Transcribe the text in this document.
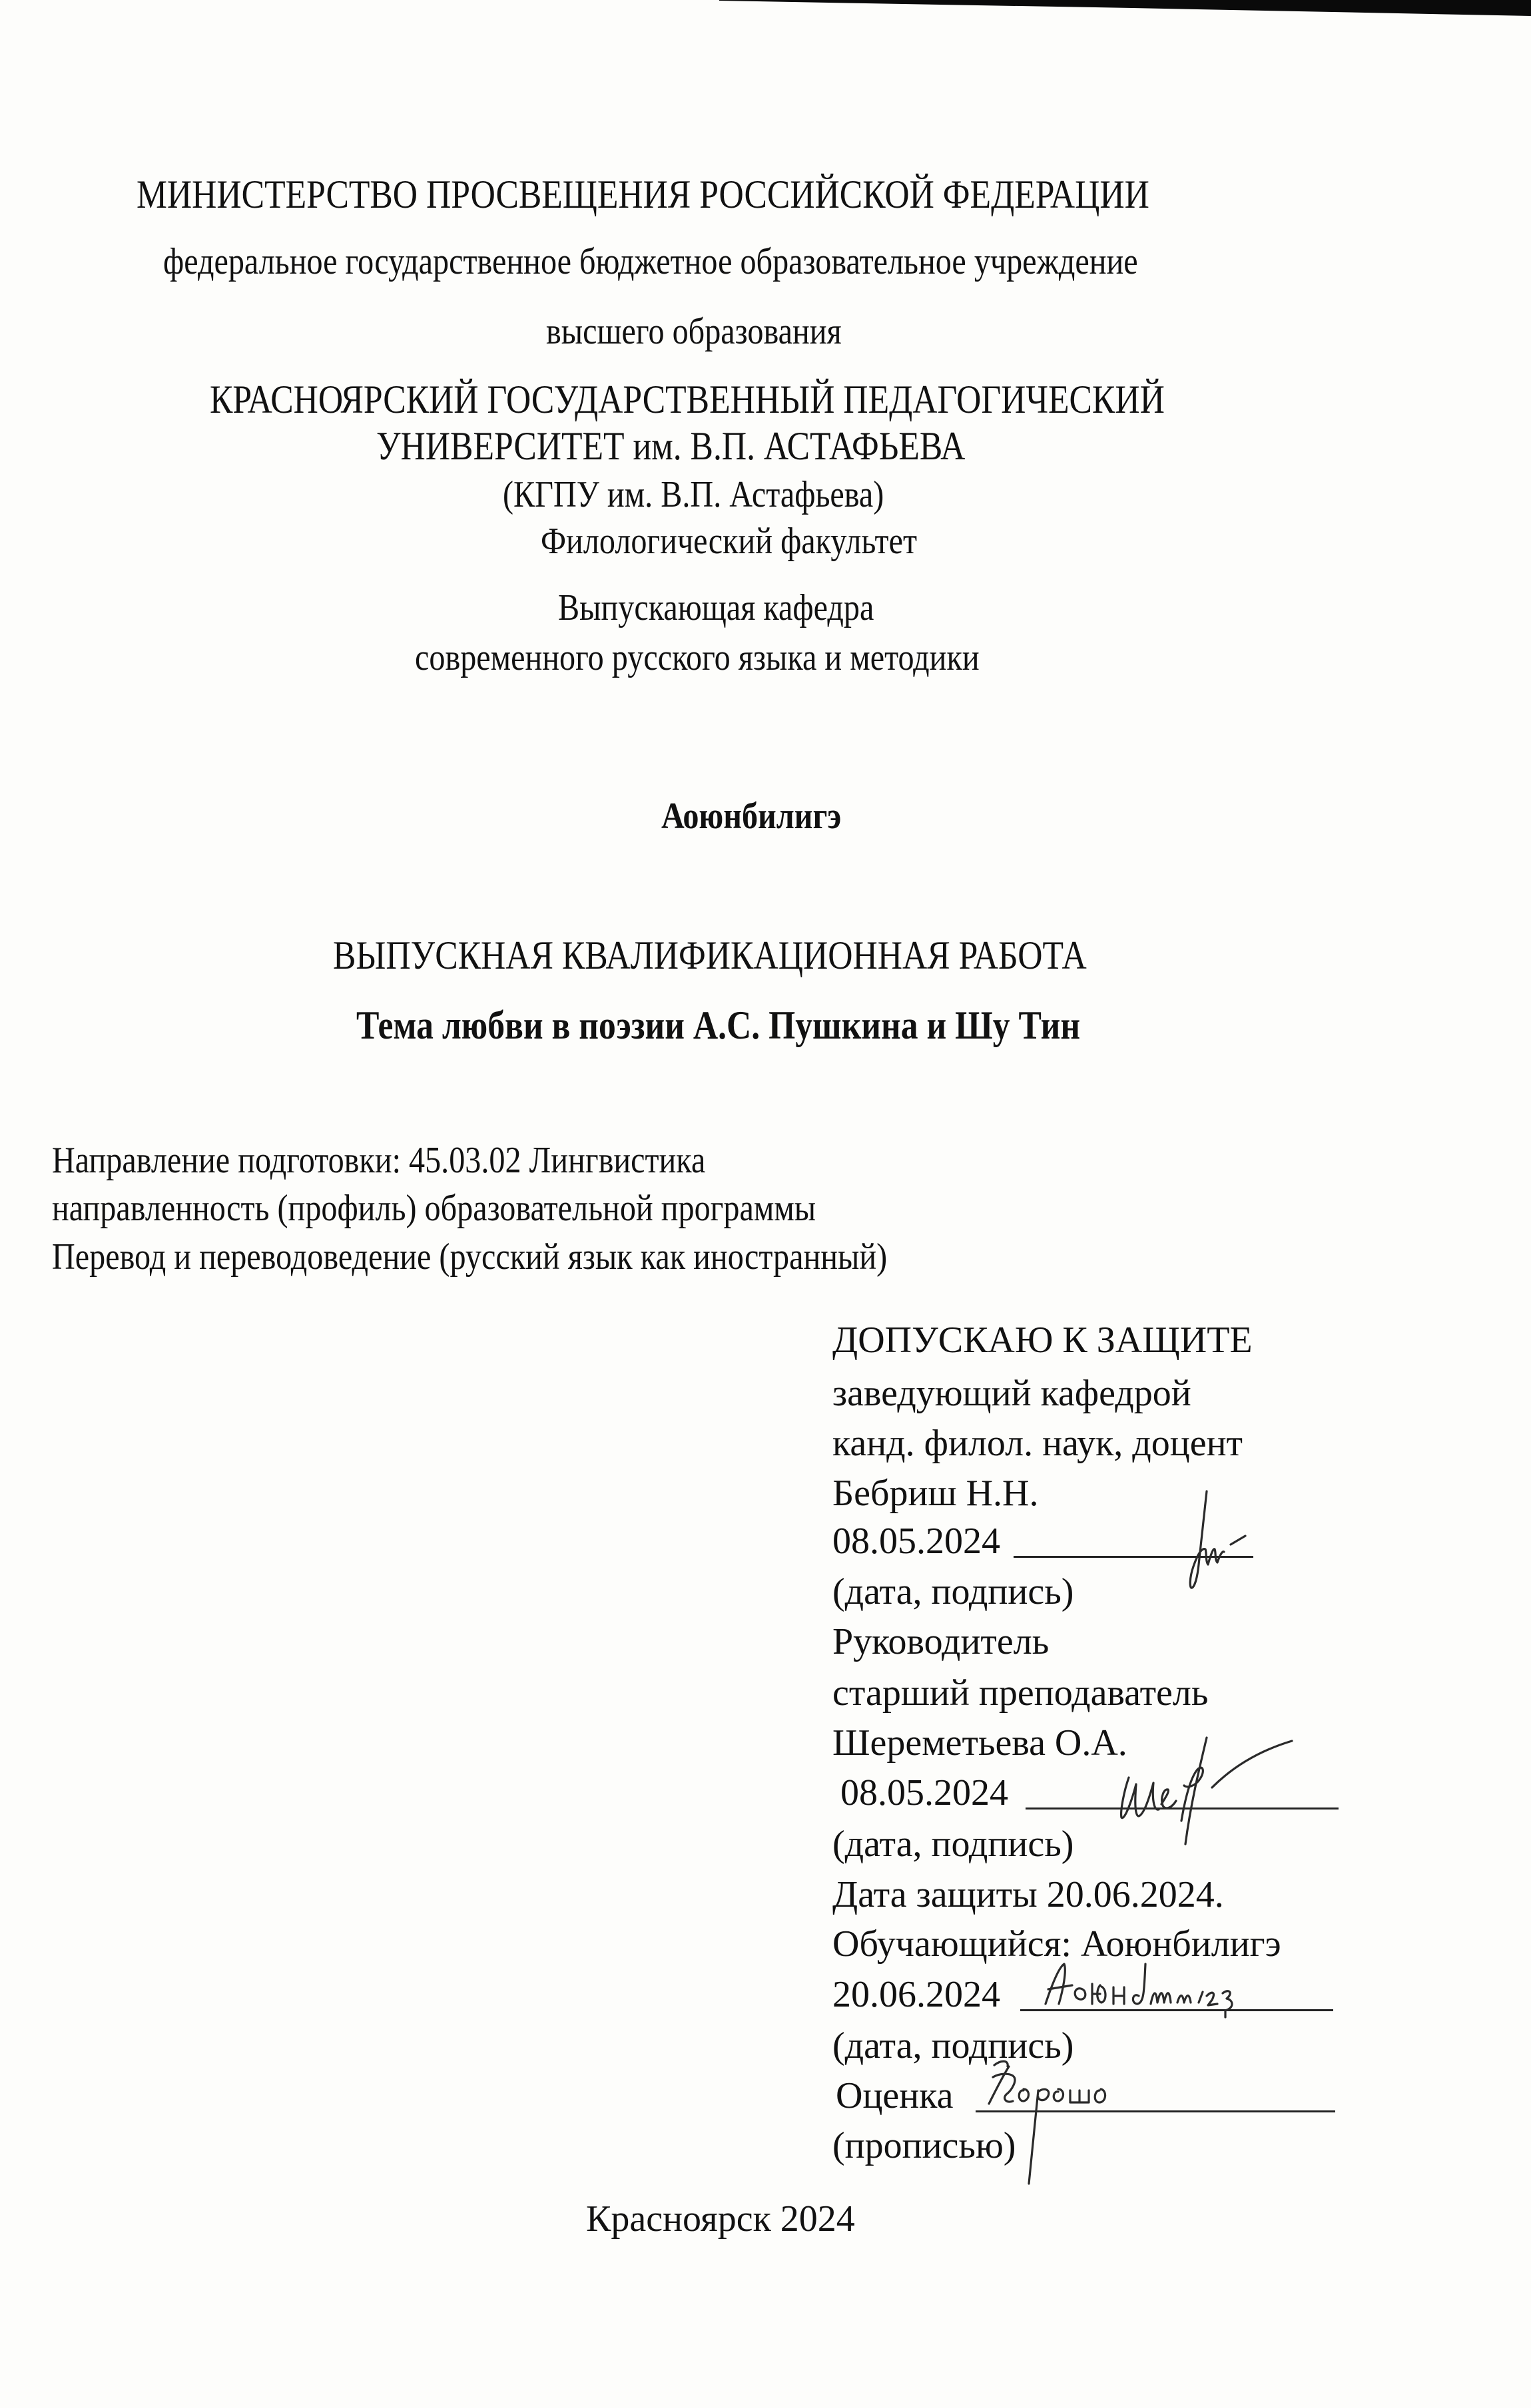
МИНИСТЕРСТВО ПРОСВЕЩЕНИЯ РОССИЙСКОЙ ФЕДЕРАЦИИ
федеральное государственное бюджетное образовательное учреждение
высшего образования
КРАСНОЯРСКИЙ ГОСУДАРСТВЕННЫЙ ПЕДАГОГИЧЕСКИЙ
УНИВЕРСИТЕТ им. В.П. АСТАФЬЕВА
(КГПУ им. В.П. Астафьева)
Филологический факультет
Выпускающая кафедра
современного русского языка и методики
Аоюнбилигэ
ВЫПУСКНАЯ КВАЛИФИКАЦИОННАЯ РАБОТА
Тема любви в поэзии А.С. Пушкина и Шу Тин
Направление подготовки: 45.03.02 Лингвистика
направленность (профиль) образовательной программы
Перевод и переводоведение (русский язык как иностранный)
ДОПУСКАЮ К ЗАЩИТЕ
заведующий кафедрой
канд. филол. наук, доцент
Бебриш Н.Н.
08.05.2024
(дата, подпись)
Руководитель
старший преподаватель
Шереметьева О.А.
08.05.2024
(дата, подпись)
Дата защиты 20.06.2024.
Обучающийся: Аоюнбилигэ
20.06.2024
(дата, подпись)
Оценка
(прописью)
Красноярск 2024
